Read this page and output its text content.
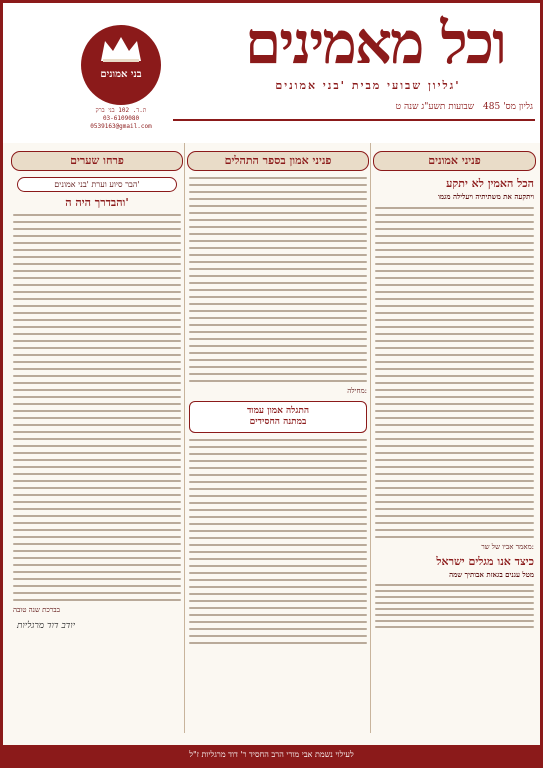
בני אמונים
ת.ד. 102 בני ברק
03-6109080
0539163@gmail.com
וכל מאמינים
גליון שבועי מבית 'בני אמונים'
גליון מס' 485 שבועות תשע"ג שנה ט
פניני אמונים
הכל האמין לא יתקע
ויתקעה את משתיתיה ויעלילה מגמו
מאמר אביו של שר:
כיצד אנו מגלים ישראל
מטל עגנים בגאזת אבותיך שמה
פניני אמון בספר התהלים
מחילה:
התגלה אמון עמוד
במתנה החסידים
פרחו שערים
הבר סיוע וערת 'בני אמונים'
והבדרך היה ה'
בברכת שנה טובה
יודב דוד מרגליות
לעילוי נשמת אבי מורי הרב החסיד ר' דוד מרגליות ז"ל
